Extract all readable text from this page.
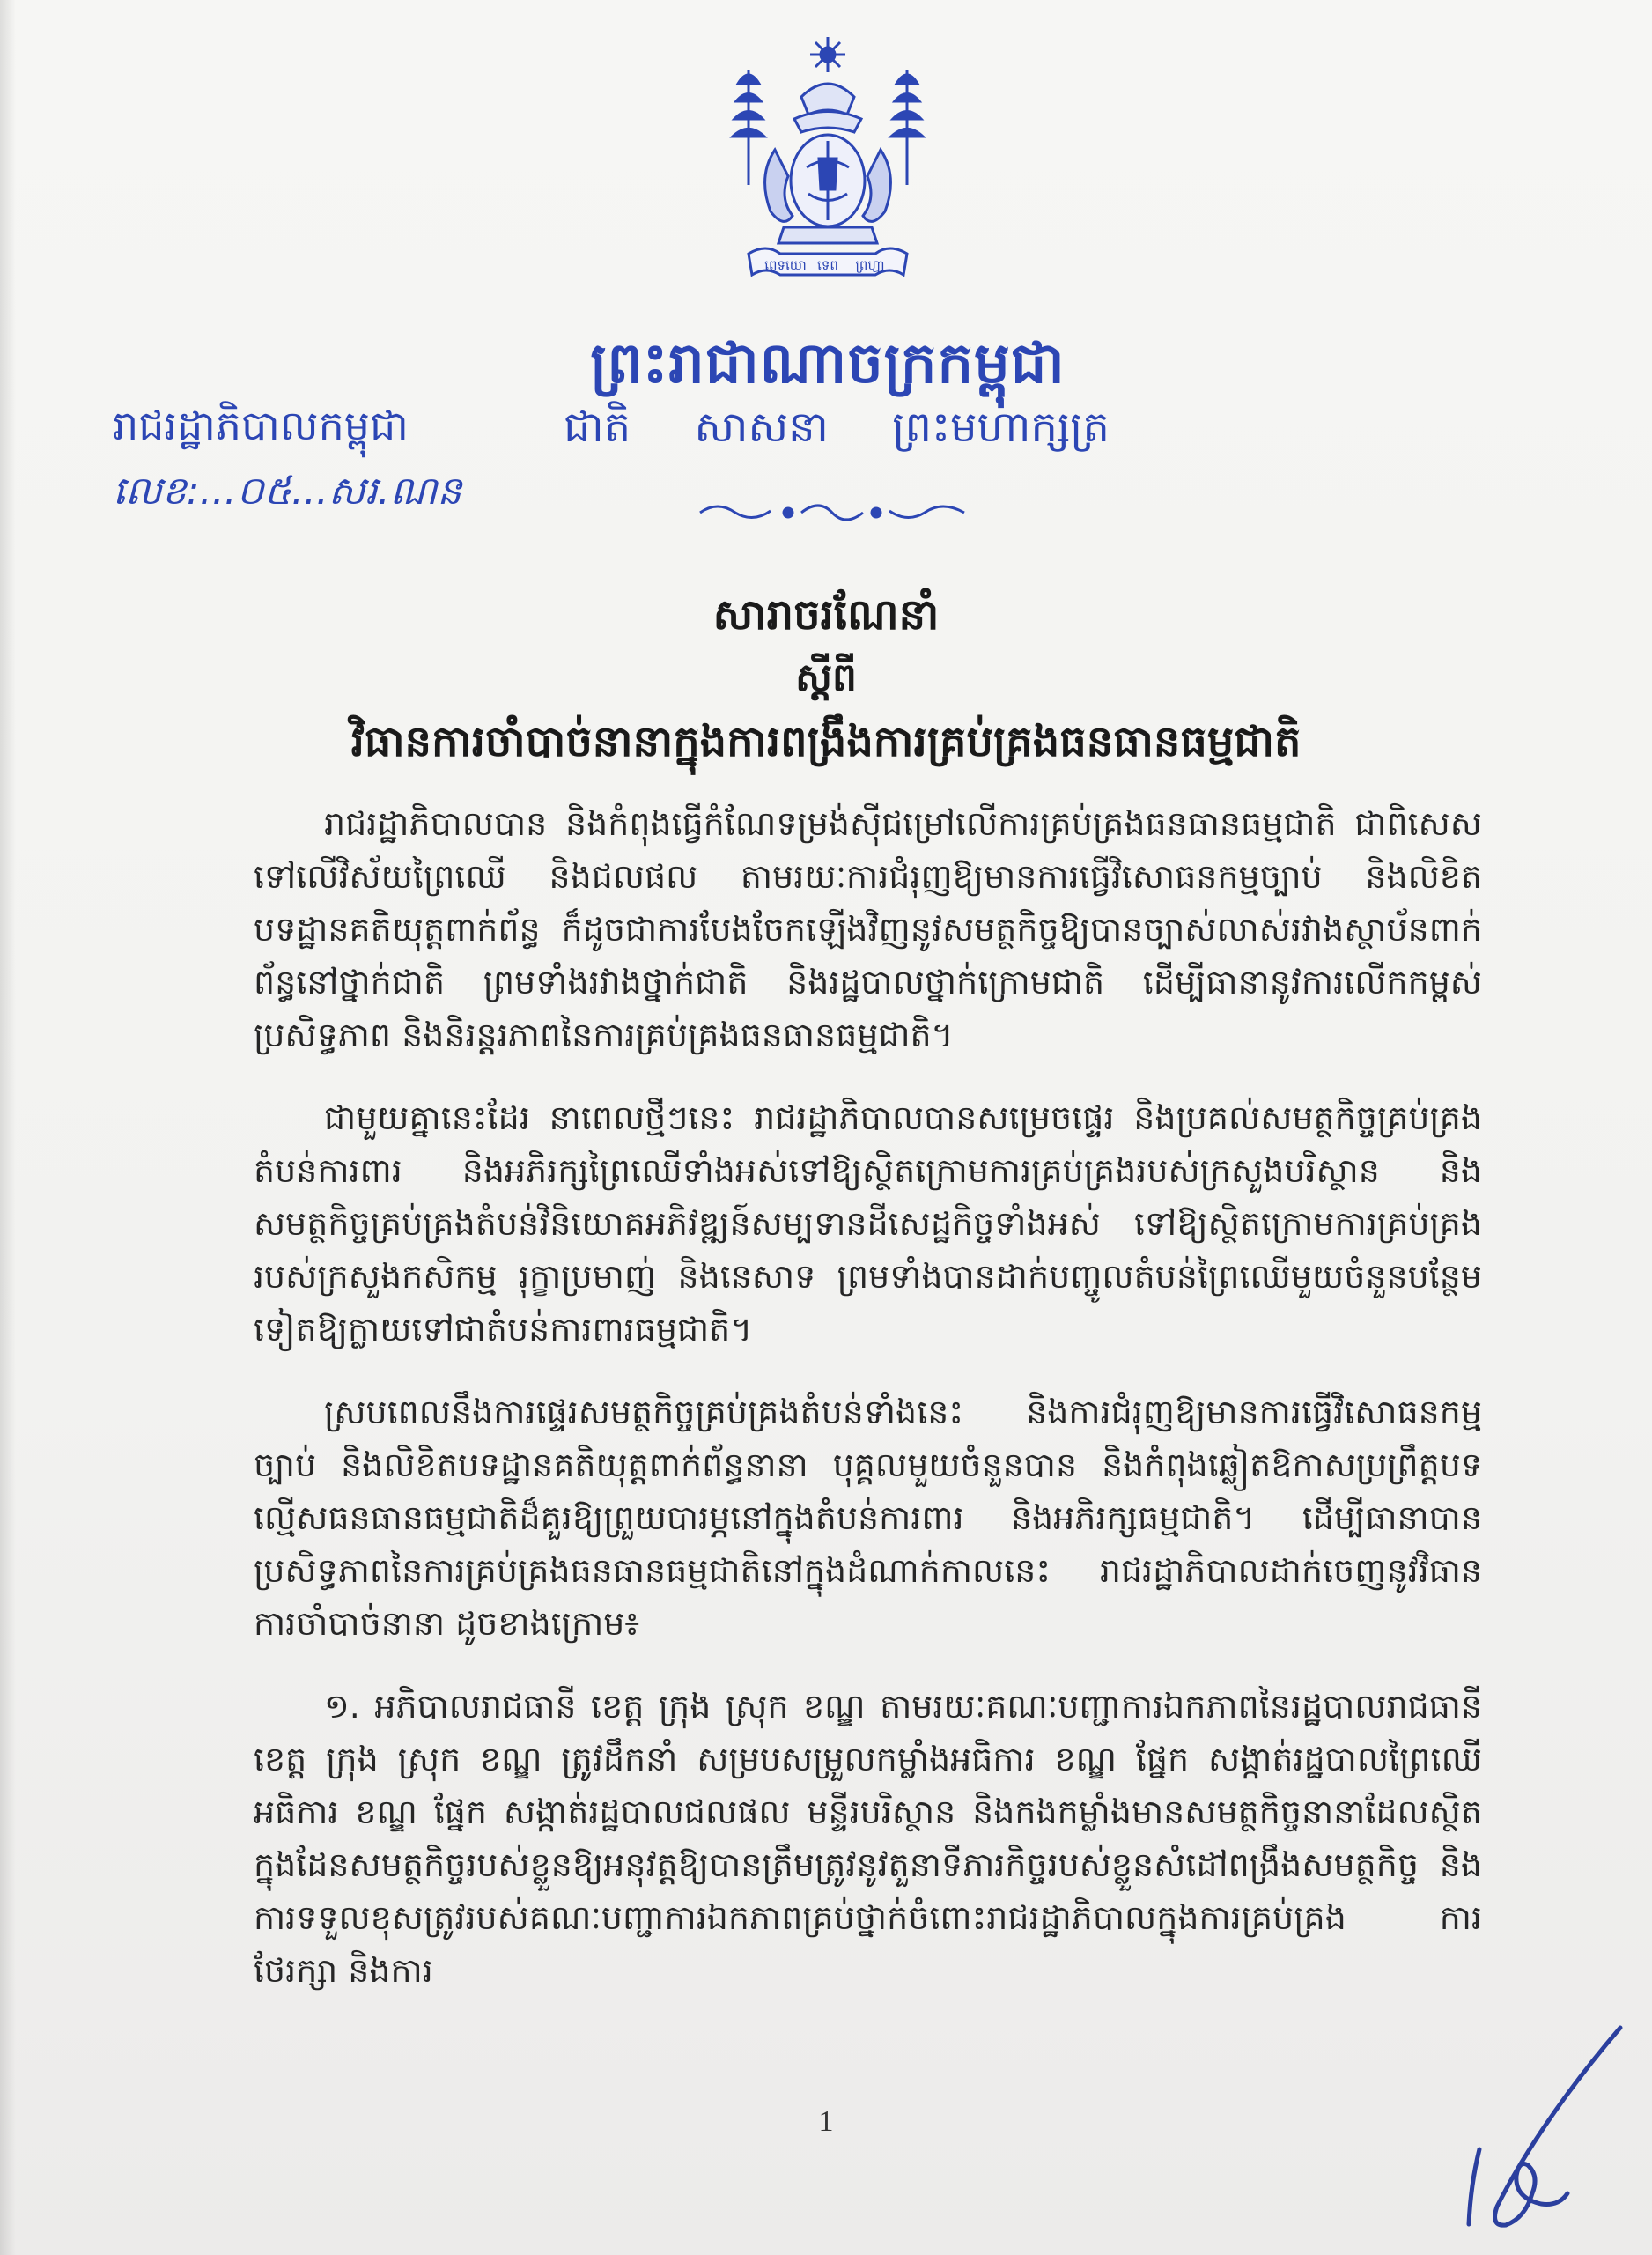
ពេទយោ ទេព ព្រហ្មា
ព្រះរាជាណាចក្រកម្ពុជា
រាជរដ្ឋាភិបាលកម្ពុជា	ជាតិ សាសនា ព្រះមហាក្សត្រ
លេខ:...០៥...សរ.ណន
សារាចរណែនាំ
ស្តីពី
វិធានការចាំបាច់នានាក្នុងការពង្រឹងការគ្រប់គ្រងធនធានធម្មជាតិ

រាជរដ្ឋាភិបាលបាន និងកំពុងធ្វើកំណែទម្រង់ស៊ីជម្រៅលើការគ្រប់គ្រងធនធានធម្មជាតិ ជាពិសេសទៅលើវិស័យព្រៃឈើ និងជលផល តាមរយៈការជំរុញឱ្យមានការធ្វើវិសោធនកម្មច្បាប់ និងលិខិតបទដ្ឋានគតិយុត្តពាក់ព័ន្ធ ក៏ដូចជាការបែងចែកឡើងវិញនូវសមត្ថកិច្ចឱ្យបានច្បាស់លាស់រវាងស្ថាប័នពាក់ព័ន្ធនៅថ្នាក់ជាតិ ព្រមទាំងរវាងថ្នាក់ជាតិ និងរដ្ឋបាលថ្នាក់ក្រោមជាតិ ដើម្បីធានានូវការលើកកម្ពស់ប្រសិទ្ធភាព និងនិរន្តរភាពនៃការគ្រប់គ្រងធនធានធម្មជាតិ។

ជាមួយគ្នានេះដែរ នាពេលថ្មីៗនេះ រាជរដ្ឋាភិបាលបានសម្រេចផ្ទេរ និងប្រគល់សមត្ថកិច្ចគ្រប់គ្រងតំបន់ការពារ និងអភិរក្សព្រៃឈើទាំងអស់ទៅឱ្យស្ថិតក្រោមការគ្រប់គ្រងរបស់ក្រសួងបរិស្ថាន និងសមត្ថកិច្ចគ្រប់គ្រងតំបន់វិនិយោគអភិវឌ្ឍន៍សម្បទានដីសេដ្ឋកិច្ចទាំងអស់ ទៅឱ្យស្ថិតក្រោមការគ្រប់គ្រងរបស់ក្រសួងកសិកម្ម រុក្ខាប្រមាញ់ និងនេសាទ ព្រមទាំងបានដាក់បញ្ចូលតំបន់ព្រៃឈើមួយចំនួនបន្ថែមទៀតឱ្យក្លាយទៅជាតំបន់ការពារធម្មជាតិ។

ស្របពេលនឹងការផ្ទេរសមត្ថកិច្ចគ្រប់គ្រងតំបន់ទាំងនេះ និងការជំរុញឱ្យមានការធ្វើវិសោធនកម្មច្បាប់ និងលិខិតបទដ្ឋានគតិយុត្តពាក់ព័ន្ធនានា បុគ្គលមួយចំនួនបាន និងកំពុងឆ្លៀតឱកាសប្រព្រឹត្តបទល្មើសធនធានធម្មជាតិដ៏គួរឱ្យព្រួយបារម្ភនៅក្នុងតំបន់ការពារ និងអភិរក្សធម្មជាតិ។ ដើម្បីធានាបានប្រសិទ្ធភាពនៃការគ្រប់គ្រងធនធានធម្មជាតិនៅក្នុងដំណាក់កាលនេះ រាជរដ្ឋាភិបាលដាក់ចេញនូវវិធានការចាំបាច់នានា ដូចខាងក្រោម៖

១. អភិបាលរាជធានី ខេត្ត ក្រុង ស្រុក ខណ្ឌ តាមរយៈគណៈបញ្ជាការឯកភាពនៃរដ្ឋបាលរាជធានី ខេត្ត ក្រុង ស្រុក ខណ្ឌ ត្រូវដឹកនាំ សម្របសម្រួលកម្លាំងអធិការ ខណ្ឌ ផ្នែក សង្កាត់រដ្ឋបាលព្រៃឈើ អធិការ ខណ្ឌ ផ្នែក សង្កាត់រដ្ឋបាលជលផល មន្ទីរបរិស្ថាន និងកងកម្លាំងមានសមត្ថកិច្ចនានាដែលស្ថិតក្នុងដែនសមត្ថកិច្ចរបស់ខ្លួនឱ្យអនុវត្តឱ្យបានត្រឹមត្រូវនូវតួនាទីភារកិច្ចរបស់ខ្លួនសំដៅពង្រឹងសមត្ថកិច្ច និងការទទួលខុសត្រូវរបស់គណៈបញ្ជាការឯកភាពគ្រប់ថ្នាក់ចំពោះរាជរដ្ឋាភិបាលក្នុងការគ្រប់គ្រង ការថែរក្សា និងការ

1
